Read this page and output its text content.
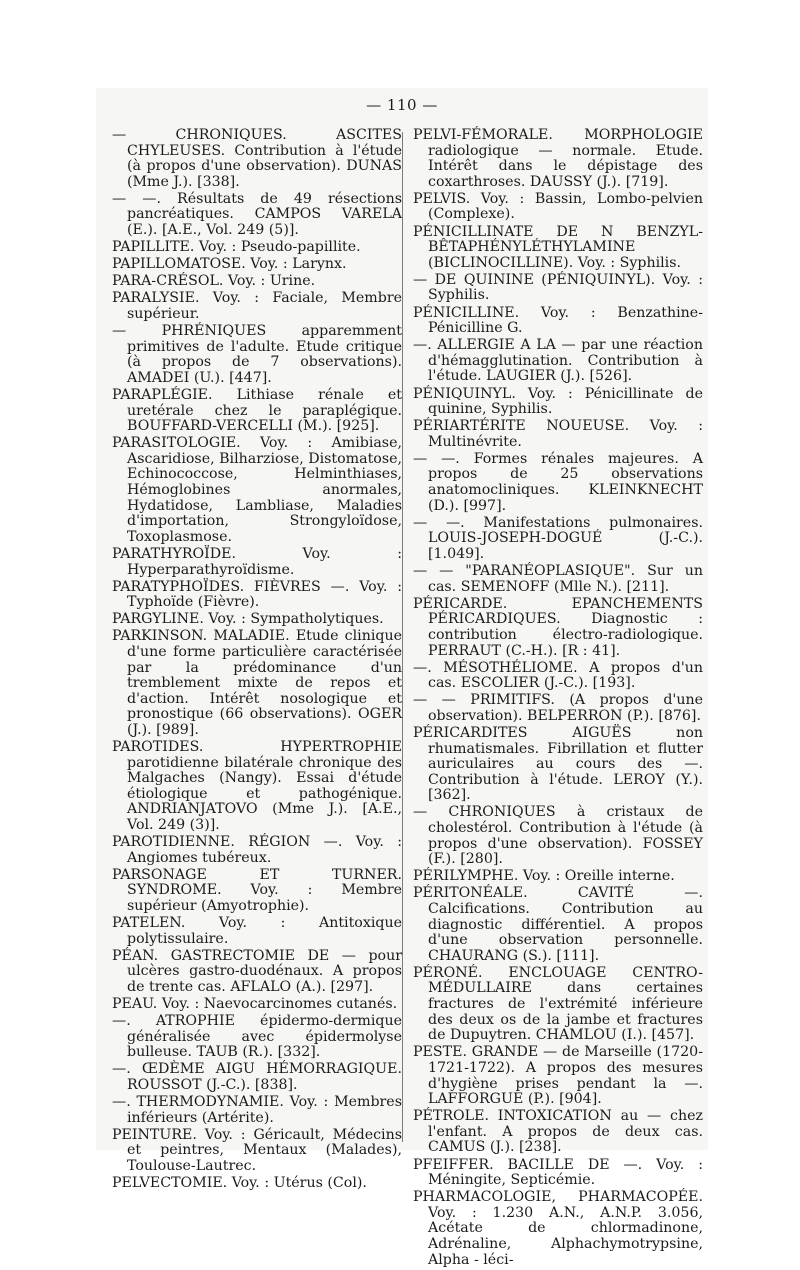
— 110 —

— CHRONIQUES. ASCITES CHYLEUSES. Contribution à l'étude (à propos d'une observation). DUNAS (Mme J.). [338].

— —. Résultats de 49 résections pancréatiques. CAMPOS VARELA (E.). [A.E., Vol. 249 (5)].

PAPILLITE. Voy. : Pseudo-papillite.

PAPILLOMATOSE. Voy. : Larynx.

PARA-CRÉSOL. Voy. : Urine.

PARALYSIE. Voy. : Faciale, Membre supérieur.

— PHRÉNIQUES apparemment primitives de l'adulte. Etude critique (à propos de 7 observations). AMADEI (U.). [447].

PARAPLÉGIE. Lithiase rénale et uretérale chez le paraplégique. BOUFFARD-VERCELLI (M.). [925].

PARASITOLOGIE. Voy. : Amibiase, Ascaridiose, Bilharziose, Distomatose, Echinococcose, Helminthiases, Hémoglobines anormales, Hydatidose, Lambliase, Maladies d'importation, Strongyloïdose, Toxoplasmose.

PARATHYROÏDE. Voy. : Hyperparathyroïdisme.

PARATYPHOÏDES. FIÈVRES —. Voy. : Typhoïde (Fièvre).

PARGYLINE. Voy. : Sympatholytiques.

PARKINSON. MALADIE. Etude clinique d'une forme particulière caractérisée par la prédominance d'un tremblement mixte de repos et d'action. Intérêt nosologique et pronostique (66 observations). OGER (J.). [989].

PAROTIDES. HYPERTROPHIE parotidienne bilatérale chronique des Malgaches (Nangy). Essai d'étude étiologique et pathogénique. ANDRIANJATOVO (Mme J.). [A.E., Vol. 249 (3)].

PAROTIDIENNE. RÉGION —. Voy. : Angiomes tubéreux.

PARSONAGE ET TURNER. SYNDROME. Voy. : Membre supérieur (Amyotrophie).

PATELEN. Voy. : Antitoxique polytissulaire.

PÉAN. GASTRECTOMIE DE — pour ulcères gastro-duodénaux. A propos de trente cas. AFLALO (A.). [297].

PEAU. Voy. : Naevocarcinomes cutanés.

—. ATROPHIE épidermo-dermique généralisée avec épidermolyse bulleuse. TAUB (R.). [332].

—. ŒDÈME AIGU HÉMORRAGIQUE. ROUSSOT (J.-C.). [838].

—. THERMODYNAMIE. Voy. : Membres inférieurs (Artérite).

PEINTURE. Voy. : Géricault, Médecins et peintres, Mentaux (Malades), Toulouse-Lautrec.

PELVECTOMIE. Voy. : Utérus (Col).

PELVI-FÉMORALE. MORPHOLOGIE radiologique — normale. Etude. Intérêt dans le dépistage des coxarthroses. DAUSSY (J.). [719].

PELVIS. Voy. : Bassin, Lombo-pelvien (Complexe).

PÉNICILLINATE DE N BENZYL-BÊTAPHÉNYLÉTHYLAMINE (BICLINOCILLINE). Voy. : Syphilis.

— DE QUININE (PÉNIQUINYL). Voy. : Syphilis.

PÉNICILLINE. Voy. : Benzathine-Pénicilline G.

—. ALLERGIE A LA — par une réaction d'hémagglutination. Contribution à l'étude. LAUGIER (J.). [526].

PÉNIQUINYL. Voy. : Pénicillinate de quinine, Syphilis.

PÉRIARTÉRITE NOUEUSE. Voy. : Multinévrite.

— —. Formes rénales majeures. A propos de 25 observations anatomocliniques. KLEINKNECHT (D.). [997].

— —. Manifestations pulmonaires. LOUIS-JOSEPH-DOGUÉ (J.-C.). [1.049].

— — "PARANÉOPLASIQUE". Sur un cas. SEMENOFF (Mlle N.). [211].

PÉRICARDE. EPANCHEMENTS PÉRICARDIQUES. Diagnostic : contribution électro-radiologique. PERRAUT (C.-H.). [R : 41].

—. MÉSOTHÉLIOME. A propos d'un cas. ESCOLIER (J.-C.). [193].

— — PRIMITIFS. (A propos d'une observation). BELPERRON (P.). [876].

PÉRICARDITES AIGUËS non rhumatismales. Fibrillation et flutter auriculaires au cours des —. Contribution à l'étude. LEROY (Y.). [362].

— CHRONIQUES à cristaux de cholestérol. Contribution à l'étude (à propos d'une observation). FOSSEY (F.). [280].

PÉRILYMPHE. Voy. : Oreille interne.

PÉRITONÉALE. CAVITÉ —. Calcifications. Contribution au diagnostic différentiel. A propos d'une observation personnelle. CHAURANG (S.). [111].

PÉRONÉ. ENCLOUAGE CENTRO-MÉDULLAIRE dans certaines fractures de l'extrémité inférieure des deux os de la jambe et fractures de Dupuytren. CHAMLOU (I.). [457].

PESTE. GRANDE — de Marseille (1720-1721-1722). A propos des mesures d'hygiène prises pendant la —. LAFFORGUE (P.). [904].

PÉTROLE. INTOXICATION au — chez l'enfant. A propos de deux cas. CAMUS (J.). [238].

PFEIFFER. BACILLE DE —. Voy. : Méningite, Septicémie.

PHARMACOLOGIE, PHARMACOPÉE. Voy. : 1.230 A.N., A.N.P. 3.056, Acétate de chlormadinone, Adrénaline, Alphachymotrypsine, Alpha - léci-
